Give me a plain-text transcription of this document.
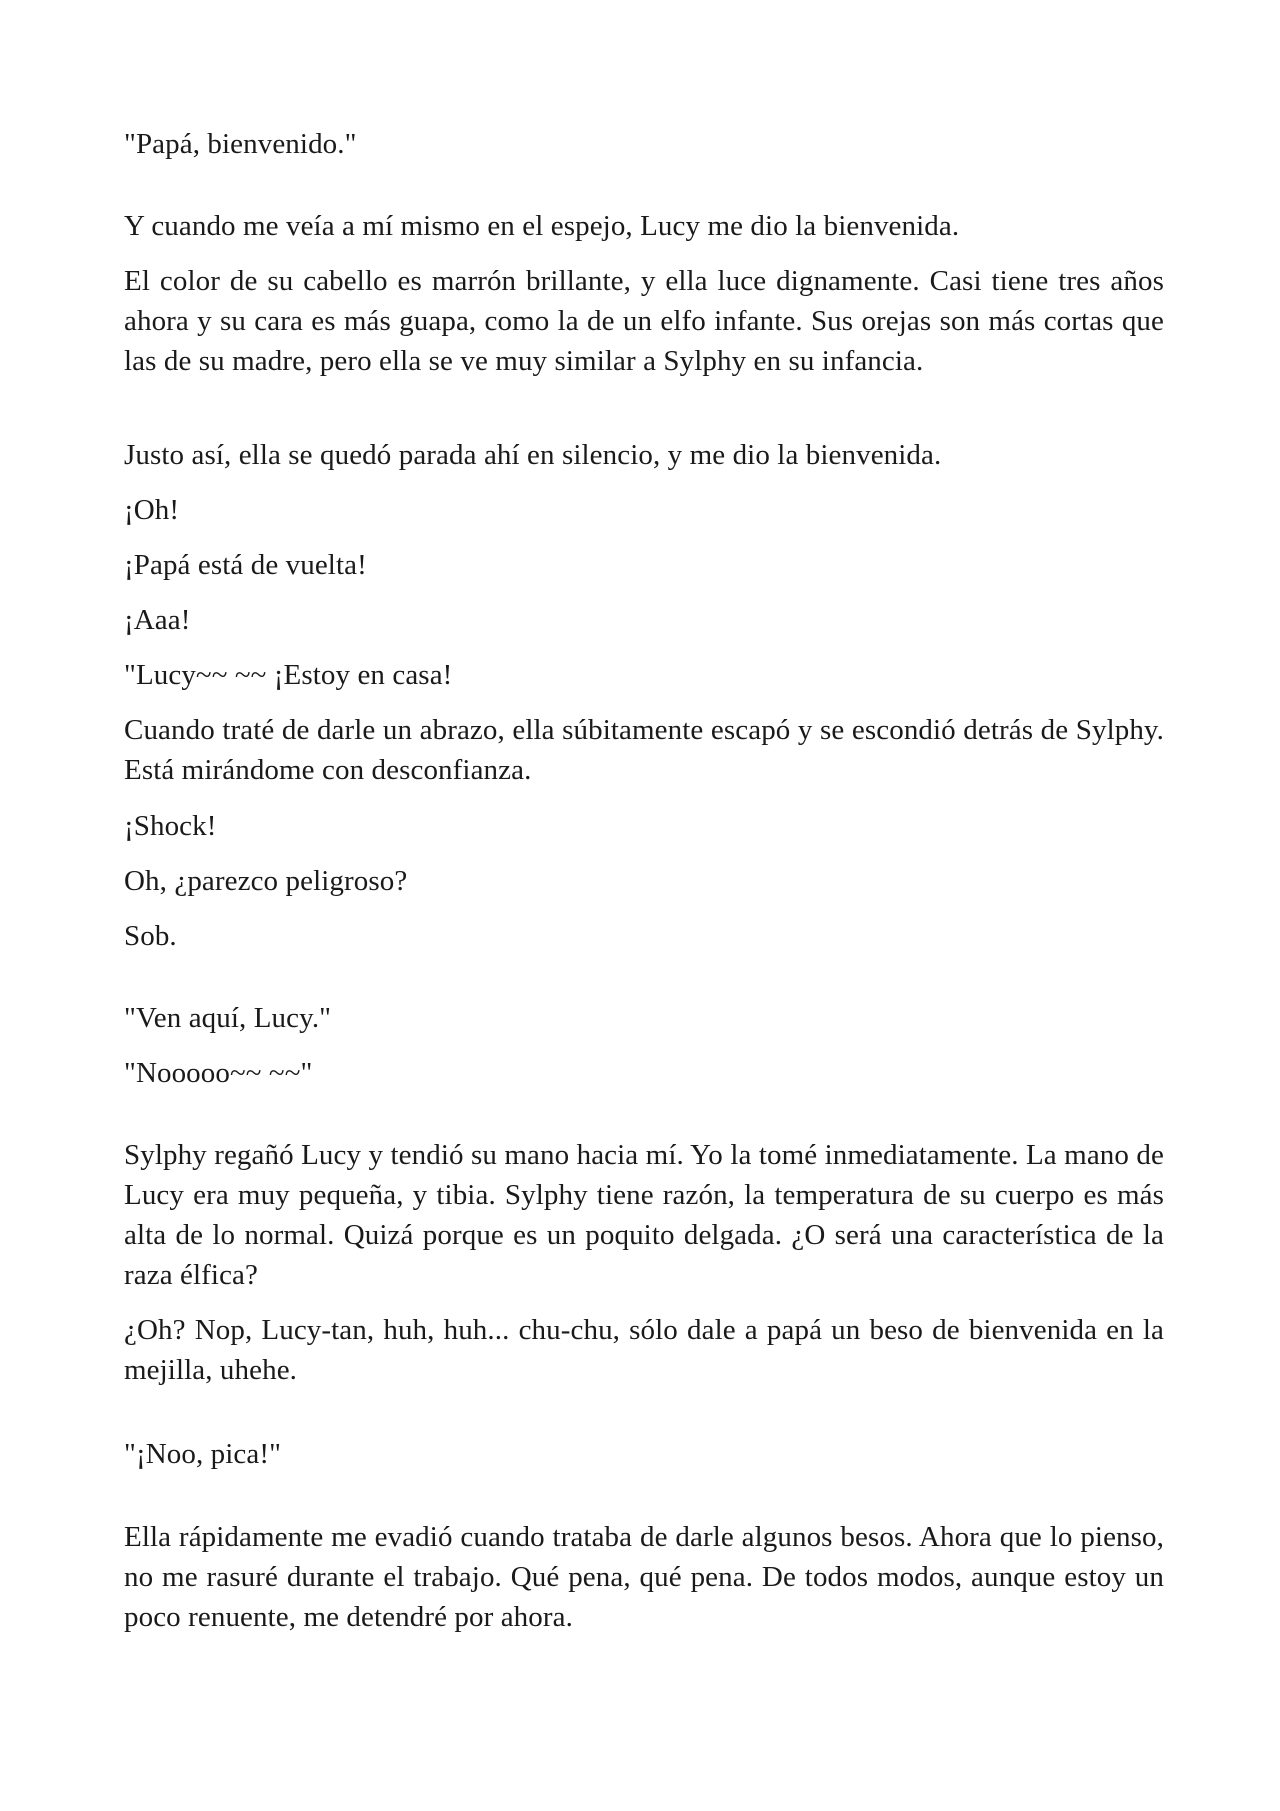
"Papá, bienvenido."

Y cuando me veía a mí mismo en el espejo, Lucy me dio la bienvenida.

El color de su cabello es marrón brillante, y ella luce dignamente. Casi tiene tres años ahora y su cara es más guapa, como la de un elfo infante. Sus orejas son más cortas que las de su madre, pero ella se ve muy similar a Sylphy en su infancia.

Justo así, ella se quedó parada ahí en silencio, y me dio la bienvenida.

¡Oh!

¡Papá está de vuelta!

¡Aaa!

"Lucy~~ ~~ ¡Estoy en casa!

Cuando traté de darle un abrazo, ella súbitamente escapó y se escondió detrás de Sylphy. Está mirándome con desconfianza.

¡Shock!

Oh, ¿parezco peligroso?

Sob.

"Ven aquí, Lucy."

"Nooooo~~ ~~"

Sylphy regañó Lucy y tendió su mano hacia mí. Yo la tomé inmediatamente. La mano de Lucy era muy pequeña, y tibia. Sylphy tiene razón, la temperatura de su cuerpo es más alta de lo normal. Quizá porque es un poquito delgada. ¿O será una característica de la raza élfica?

¿Oh? Nop, Lucy-tan, huh, huh... chu-chu, sólo dale a papá un beso de bienvenida en la mejilla, uhehe.

"¡Noo, pica!"

Ella rápidamente me evadió cuando trataba de darle algunos besos. Ahora que lo pienso, no me rasuré durante el trabajo. Qué pena, qué pena. De todos modos, aunque estoy un poco renuente, me detendré por ahora.
